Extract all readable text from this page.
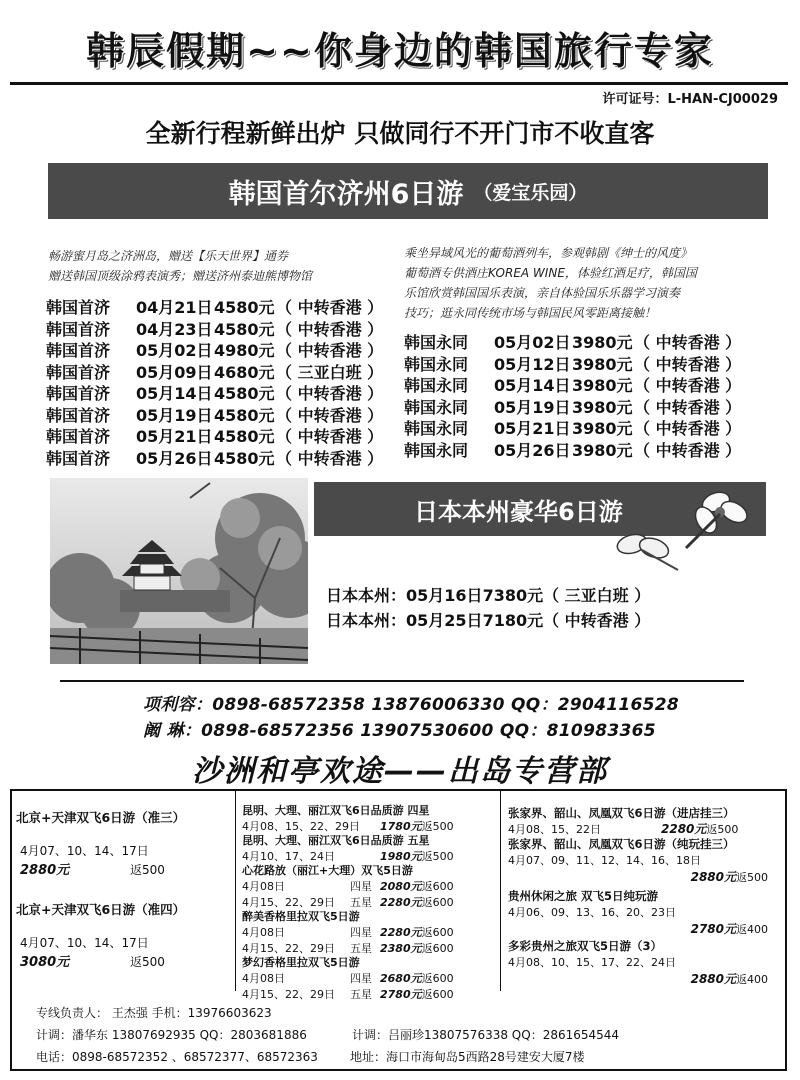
韩辰假期~~你身边的韩国旅行专家
许可证号：L-HAN-CJ00029
全新行程新鲜出炉 只做同行不开门市不收直客
韩国首尔济州6日游 （爱宝乐园）
畅游蜜月岛之济洲岛，赠送【乐天世界】通券
赠送韩国顶级涂鸦表演秀；赠送济州泰迪熊博物馆
韩国首济 04月21日4580元（ 中转香港 ）
韩国首济 04月23日4580元（ 中转香港 ）
韩国首济 05月02日4980元（ 中转香港 ）
韩国首济 05月09日4680元（ 三亚白班 ）
韩国首济 05月14日4580元（ 中转香港 ）
韩国首济 05月19日4580元（ 中转香港 ）
韩国首济 05月21日4580元（ 中转香港 ）
韩国首济 05月26日4580元（ 中转香港 ）
乘坐异域风光的葡萄酒列车，参观韩剧《绅士的风度》
葡萄酒专供酒庄KOREA WINE，体验红酒足疗，韩国国
乐馆欣赏韩国国乐表演，亲自体验国乐乐器学习演奏
技巧；逛永同传统市场与韩国民风零距离接触！
韩国永同 05月02日3980元（ 中转香港 ）
韩国永同 05月12日3980元（ 中转香港 ）
韩国永同 05月14日3980元（ 中转香港 ）
韩国永同 05月19日3980元（ 中转香港 ）
韩国永同 05月21日3980元（ 中转香港 ）
韩国永同 05月26日3980元（ 中转香港 ）
日本本州豪华6日游
日本本州：05月16日7380元（ 三亚白班 ）
日本本州：05月25日7180元（ 中转香港 ）
项利容：0898-68572358 13876006330 QQ：2904116528
阚 琳：0898-68572356 13907530600 QQ：810983365
沙洲和亭欢途——出岛专营部
北京+天津双飞6日游（准三）
4月07、10、14、17日
2880元	返500
北京+天津双飞6日游（准四）
4月07、10、14、17日
3080元	返500
昆明、大理、丽江双飞6日品质游 四星
4月08、15、22、29日 1780元返500
昆明、大理、丽江双飞6日品质游 五星
4月10、17、24日	1980元返500
心花路放（丽江+大理）双飞5日游
4月08日	四星 2080元返600
4月15、22、29日 五星 2280元返600
醉美香格里拉双飞5日游
4月08日	四星 2280元返600
4月15、22、29日 五星 2380元返600
梦幻香格里拉双飞5日游
4月08日	四星 2680元返600
4月15、22、29日 五星 2780元返600
张家界、韶山、凤凰双飞6日游（进店挂三）
4月08、15、22日	2280元返500
张家界、韶山、凤凰双飞6日游（纯玩挂三）
4月07、09、11、12、14、16、18日
2880元返500
贵州休闲之旅 双飞5日纯玩游
4月06、09、13、16、20、23日
2780元返400
多彩贵州之旅双飞5日游（3）
4月08、10、15、17、22、24日
2880元返400
专线负责人： 王杰强 手机：13976603623
计调：潘华东 13807692935 QQ：2803681886	计调：吕丽珍13807576338 QQ：2861654544
电话：0898-68572352 、68572377、68572363	地址：海口市海甸岛5西路28号建安大厦7楼
